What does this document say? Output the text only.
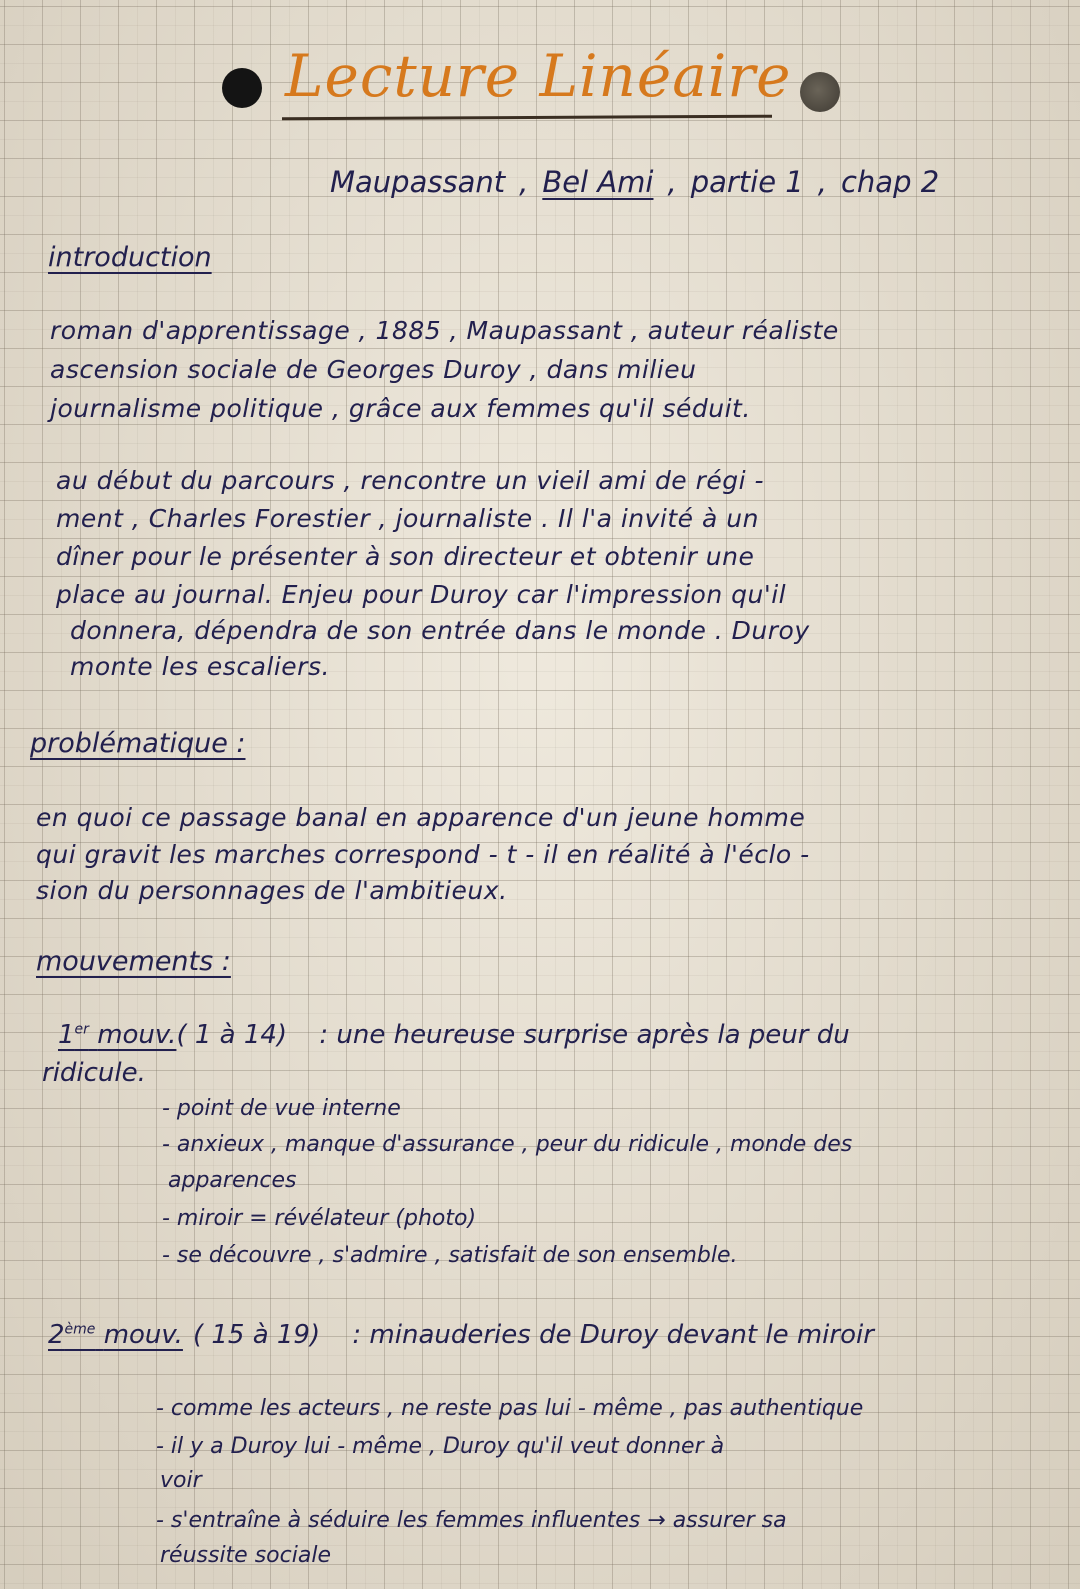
Lecture Linéaire
Maupassant , Bel Ami , partie 1 , chap 2
introduction
roman d'apprentissage , 1885 , Maupassant , auteur réaliste
ascension sociale de Georges Duroy , dans milieu
journalisme politique , grâce aux femmes qu'il séduit.
au début du parcours , rencontre un vieil ami de régi -
ment , Charles Forestier , journaliste . Il l'a invité à un
dîner pour le présenter à son directeur et obtenir une
place au journal. Enjeu pour Duroy car l'impression qu'il
donnera, dépendra de son entrée dans le monde . Duroy
monte les escaliers.
problématique :
en quoi ce passage banal en apparence d'un jeune homme
qui gravit les marches correspond - t - il en réalité à l'éclo -
sion du personnages de l'ambitieux.
mouvements :
1er mouv.( 1 à 14) : une heureuse surprise après la peur du
ridicule.
- point de vue interne
- anxieux , manque d'assurance , peur du ridicule , monde des
apparences
- miroir = révélateur (photo)
- se découvre , s'admire , satisfait de son ensemble.
2ème mouv. ( 15 à 19) : minauderies de Duroy devant le miroir
- comme les acteurs , ne reste pas lui - même , pas authentique
- il y a Duroy lui - même , Duroy qu'il veut donner à
voir
- s'entraîne à séduire les femmes influentes → assurer sa
réussite sociale
